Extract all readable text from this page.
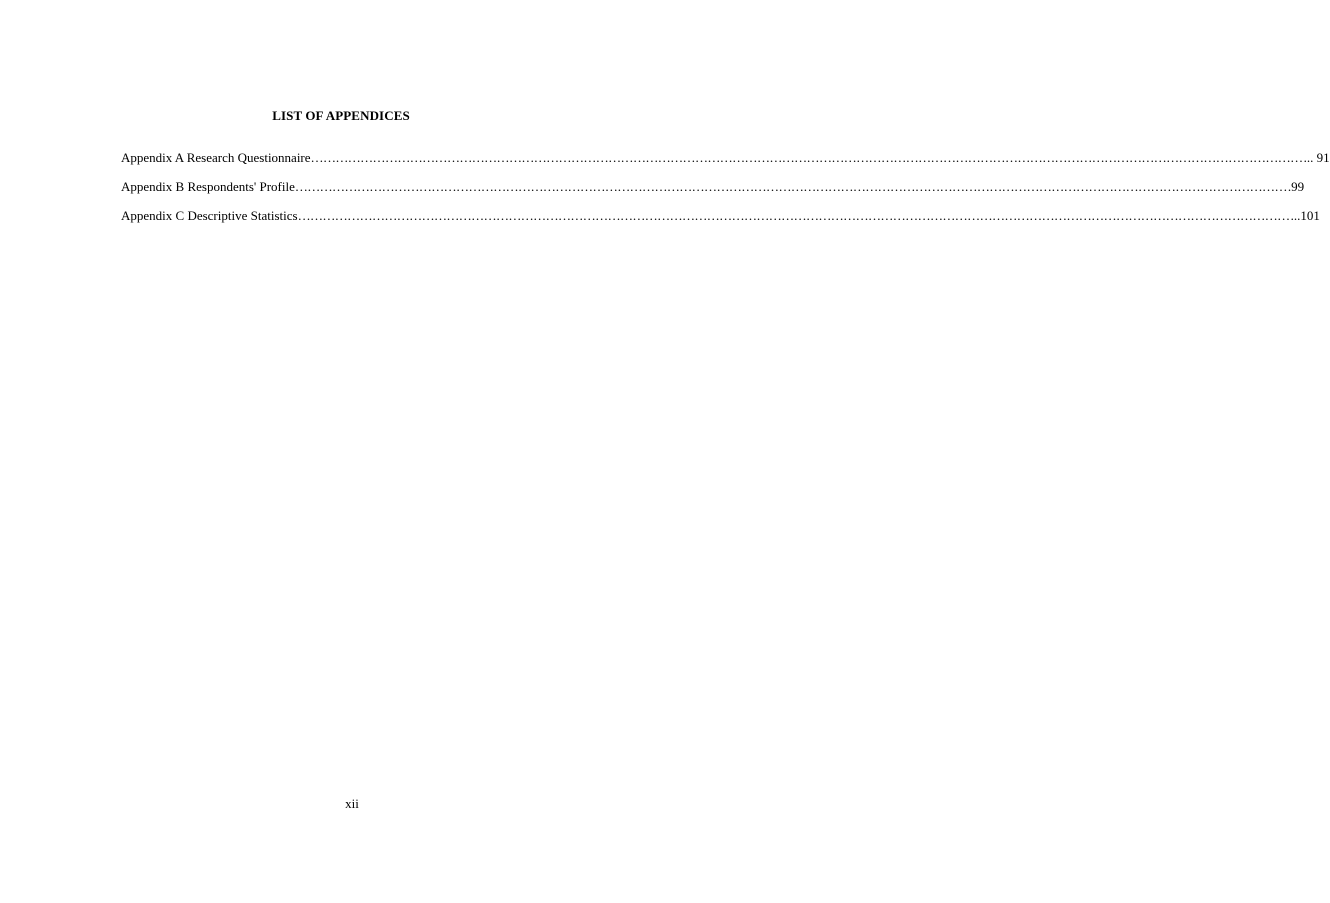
LIST OF APPENDICES
Appendix A Research Questionnaire …………………………………………………………………………………………………………………………………………………………………………………………………………………… ... 91
Appendix B Respondents' Profile …………………………………………………………………………………………………………………………………………………………………………………………………………………… .99
Appendix C Descriptive Statistics …………………………………………………………………………………………………………………………………………………………………………………………………………………… ...101
xii
